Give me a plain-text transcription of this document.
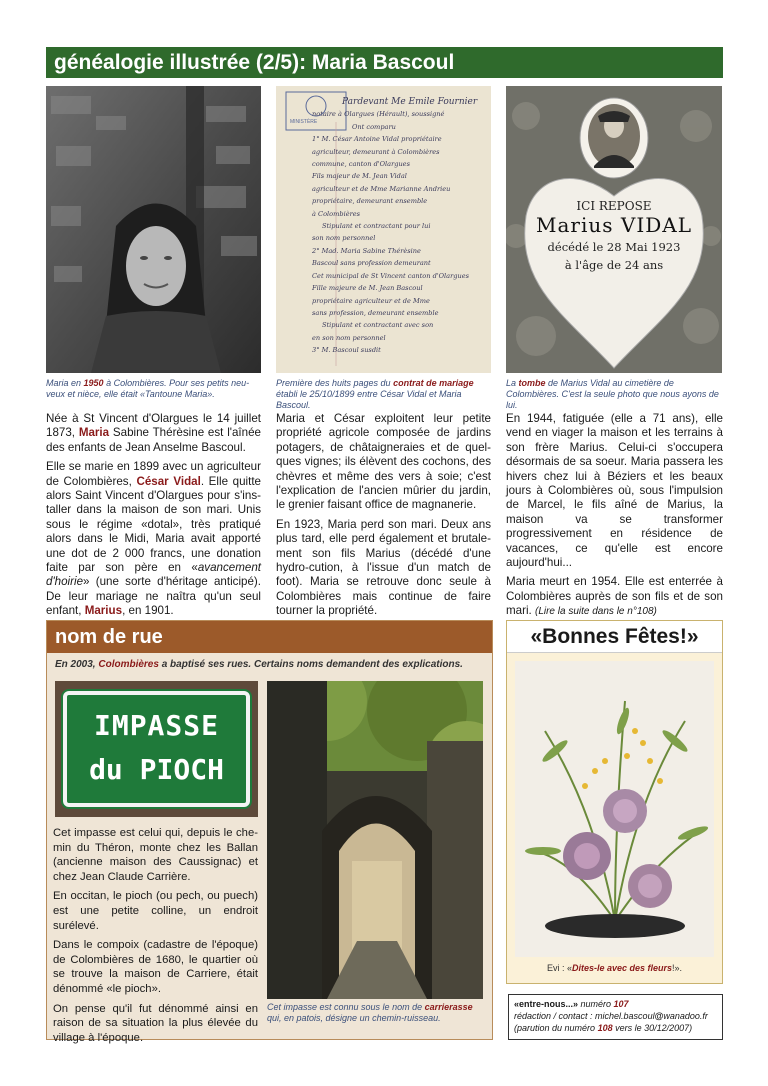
généalogie illustrée (2/5): Maria Bascoul
Maria en 1950 à Colombières. Pour ses petits neu-veux et nièce, elle était «Tantoune Maria».
MINISTÈRE
Pardevant Me Emile Fournier
notaire à Olargues (Hérault), soussigné
Ont comparu
1° M. César Antoine Vidal propriétaire
agriculteur, demeurant à Colombières
commune, canton d'Olargues
Fils majeur de M. Jean Vidal
agriculteur et de Mme Marianne Andrieu
propriétaire, demeurant ensemble
à Colombières
Stipulant et contractant pour lui
son nom personnel
2° Mad. Maria Sabine Thérèsine
Bascoul sans profession demeurant
Cet municipal de St Vincent canton d'Olargues
Fille majeure de M. Jean Bascoul
propriétaire agriculteur et de Mme
sans profession, demeurant ensemble
Stipulant et contractant avec son
en son nom personnel
3° M. Bascoul susdit
Première des huits pages du contrat de mariage établi le 25/10/1899 entre César Vidal et Maria Bascoul.
ICI REPOSE
Marius VIDAL
décédé le 28 Mai 1923
à l'âge de 24 ans
La tombe de Marius Vidal au cimetière de Colombières. C'est la seule photo que nous ayons de lui.

Née à St Vincent d'Olargues le 14 juillet 1873, Maria Sabine Thérèsine est l'aînée des enfants de Jean Anselme Bascoul.

Elle se marie en 1899 avec un agriculteur de Colombières, César Vidal. Elle quitte alors Saint Vincent d'Olargues pour s'ins-taller dans la maison de son mari. Unis sous le régime «dotal», très pratiqué alors dans le Midi, Maria avait apporté une dot de 2 000 francs, une donation faite par son père en «avancement d'hoirie» (une sorte d'héritage anticipé). De leur mariage ne naîtra qu'un seul enfant, Marius, en 1901.

Maria et César exploitent leur petite propriété agricole composée de jardins potagers, de châtaigneraies et de quel-ques vignes; ils élèvent des cochons, des chèvres et même des vers à soie; c'est l'explication de l'ancien mûrier du jardin, le grenier faisant office de magnanerie.

En 1923, Maria perd son mari. Deux ans plus tard, elle perd également et brutale-ment son fils Marius (décédé d'une hydro-cution, à l'issue d'un match de foot). Maria se retrouve donc seule à Colombières mais continue de faire tourner la propriété.

En 1944, fatiguée (elle a 71 ans), elle vend en viager la maison et les terrains à son frère Marius. Celui-ci s'occupera désormais de sa soeur. Maria passera les hivers chez lui à Béziers et les beaux jours à Colombières où, sous l'impulsion de Marcel, le fils aîné de Marius, la maison va se transformer progressivement en résidence de vacances, ce qu'elle est encore aujourd'hui...

Maria meurt en 1954. Elle est enterrée à Colombières auprès de son fils et de son mari. (Lire la suite dans le n°108)

nom de rue
En 2003, Colombières a baptisé ses rues. Certains noms demandent des explications.
IMPASSE
du PIOCH

Cet impasse est celui qui, depuis le che-min du Théron, monte chez les Ballan (ancienne maison des Caussignac) et chez Jean Claude Carrière.

En occitan, le pioch (ou pech, ou puech) est une petite colline, un endroit surélevé.

Dans le compoix (cadastre de l'époque) de Colombières de 1680, le quartier où se trouve la maison de Carriere, était dénommé «le pioch».

On pense qu'il fut dénommé ainsi en raison de sa situation la plus élevée du village à l'époque.

Cet impasse est connu sous le nom de carrierasse qui, en patois, désigne un chemin-ruisseau.
«Bonnes Fêtes!»
Evi : «Dites-le avec des fleurs!».
«entre-nous...» numéro 107
rédaction / contact : michel.bascoul@wanadoo.fr
(parution du numéro 108 vers le 30/12/2007)
